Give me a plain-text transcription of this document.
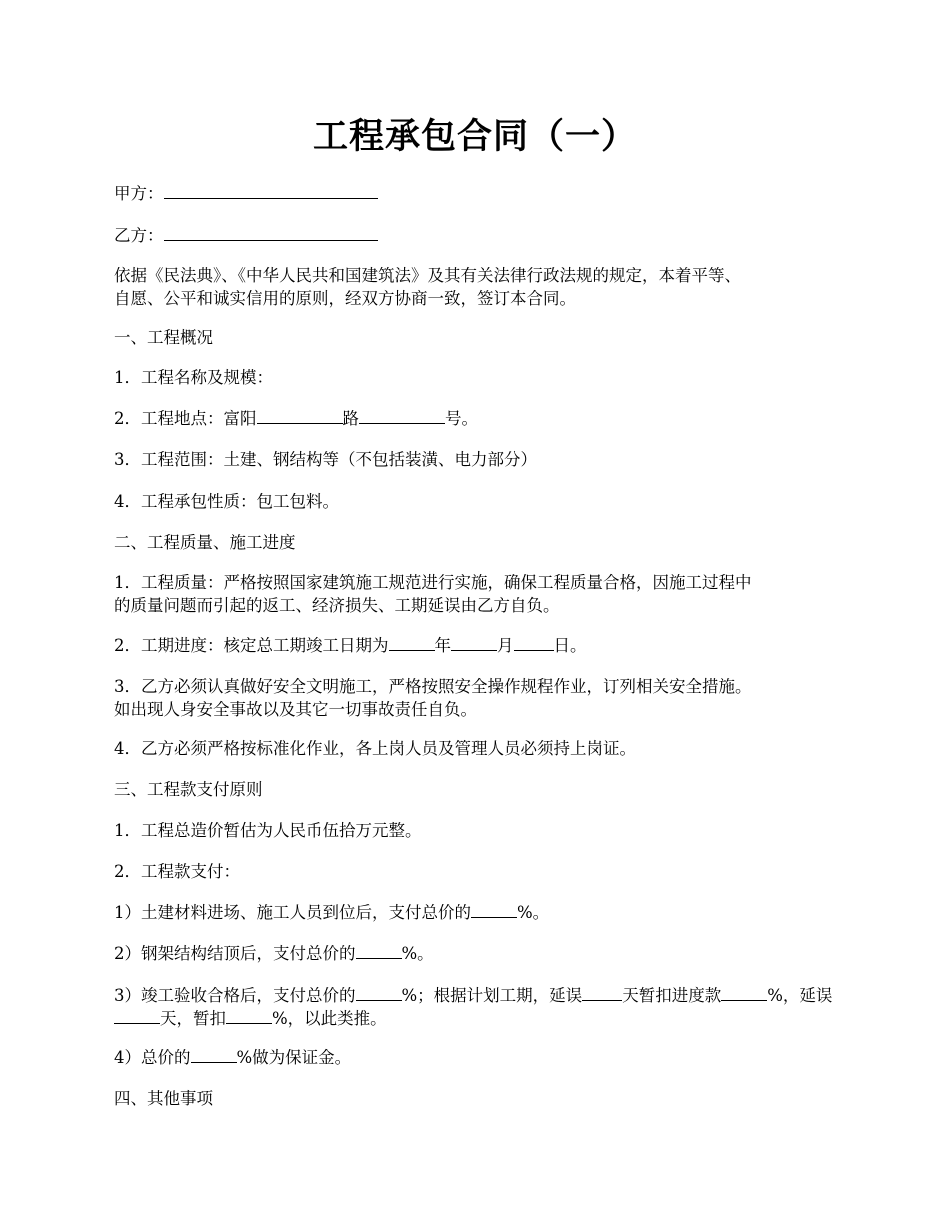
工程承包合同（一）

甲方：

乙方：

依据《民法典》、《中华人民共和国建筑法》及其有关法律行政法规的规定，本着平等、
自愿、公平和诚实信用的原则，经双方协商一致，签订本合同。

一、工程概况

1．工程名称及规模：

2．工程地点：富阳	路	号。

3．工程范围：土建、钢结构等（不包括装潢、电力部分）

4．工程承包性质：包工包料。

二、工程质量、施工进度

1．工程质量：严格按照国家建筑施工规范进行实施，确保工程质量合格，因施工过程中
的质量问题而引起的返工、经济损失、工期延误由乙方自负。

2．工期进度：核定总工期竣工日期为	年	月 日。

3．乙方必须认真做好安全文明施工，严格按照安全操作规程作业，订列相关安全措施。
如出现人身安全事故以及其它一切事故责任自负。

4．乙方必须严格按标准化作业，各上岗人员及管理人员必须持上岗证。

三、工程款支付原则

1．工程总造价暂估为人民币伍拾万元整。

2．工程款支付：

1）土建材料进场、施工人员到位后，支付总价的	%。

2）钢架结构结顶后，支付总价的	%。

3）竣工验收合格后，支付总价的	%；根据计划工期，延误 天暂扣进度款	%，延误天，暂扣	%，以此类推。

4）总价的	%做为保证金。

四、其他事项
